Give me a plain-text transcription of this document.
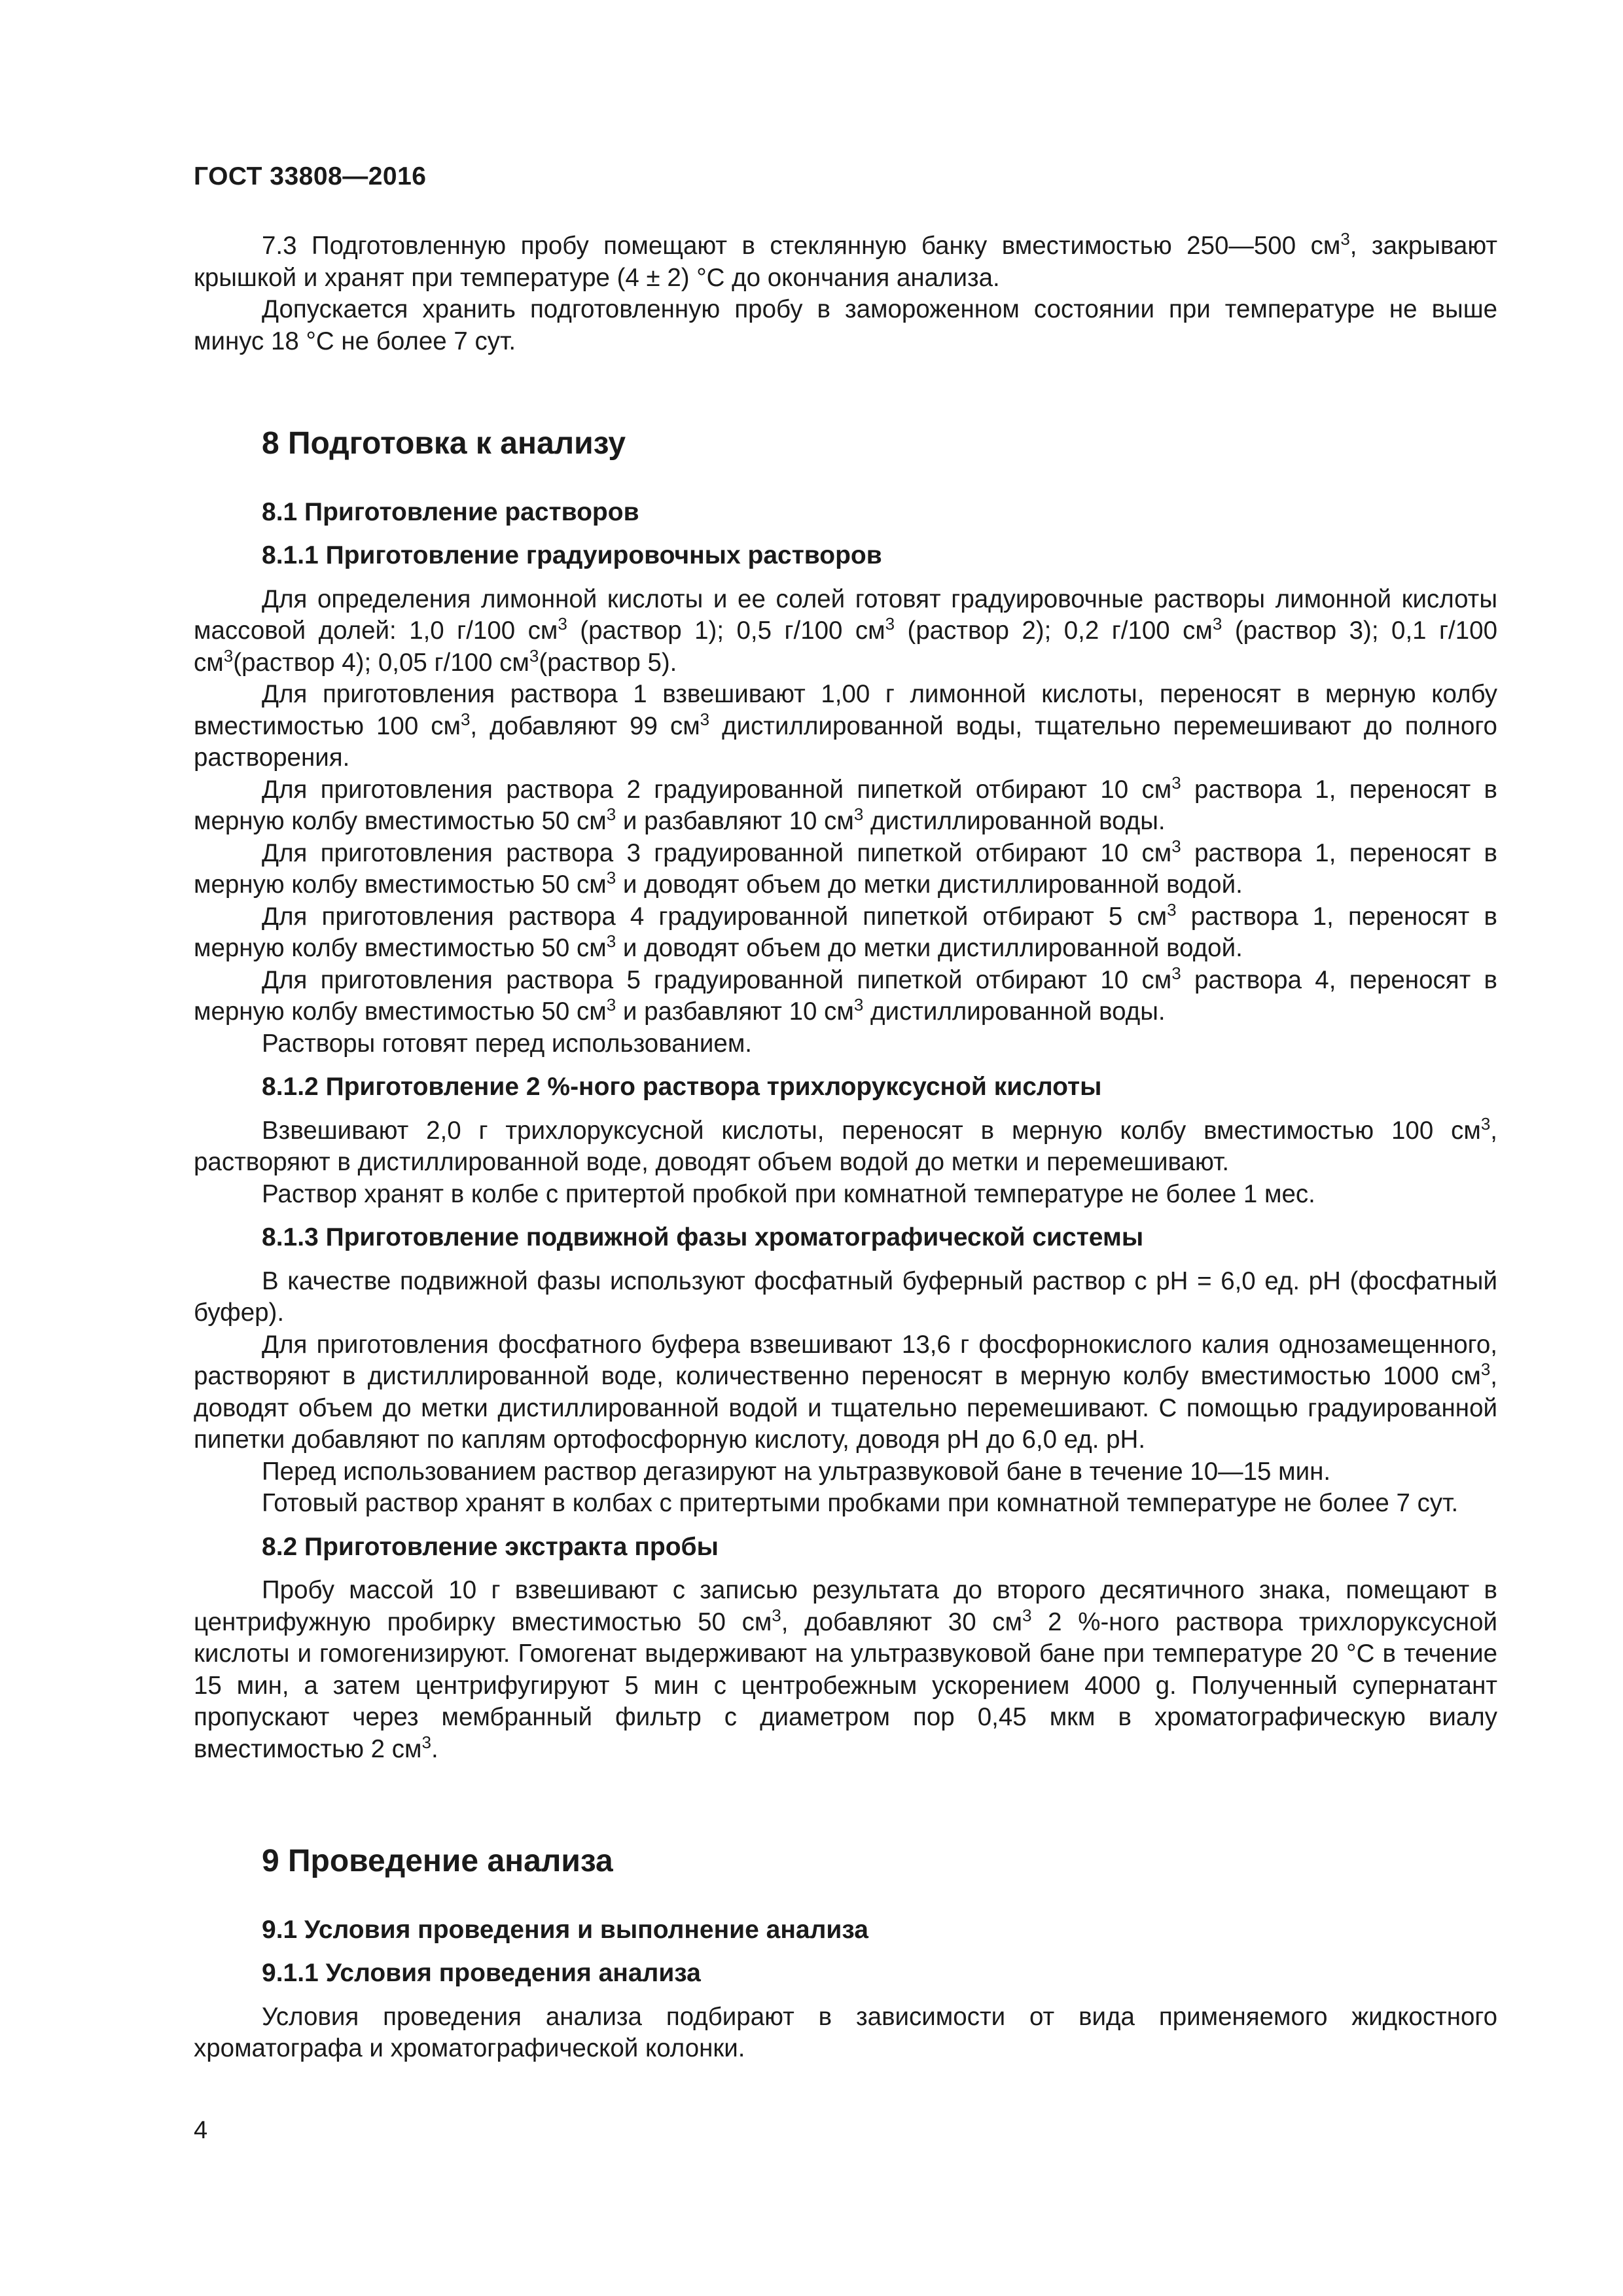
ГОСТ 33808—2016

7.3 Подготовленную пробу помещают в стеклянную банку вместимостью 250—500 $см^3$, закрывают крышкой и хранят при температуре (4 ± 2) °С до окончания анализа.

Допускается хранить подготовленную пробу в замороженном состоянии при температуре не выше минус 18 °С не более 7 сут.

8 Подготовка к анализу

8.1 Приготовление растворов

8.1.1 Приготовление градуировочных растворов

Для определения лимонной кислоты и ее солей готовят градуировочные растворы лимонной кислоты массовой долей: 1,0 г/100 $см^3$ (раствор 1); 0,5 г/100 $см^3$ (раствор 2); 0,2 г/100 $см^3$ (раствор 3); 0,1 г/100 $см^3(раствор$ 4); 0,05 г/100 $см^3(раствор$ 5).

Для приготовления раствора 1 взвешивают 1,00 г лимонной кислоты, переносят в мерную колбу вместимостью 100 $см^3$, добавляют 99 $см^3$ дистиллированной воды, тщательно перемешивают до полного растворения.

Для приготовления раствора 2 градуированной пипеткой отбирают 10 $см^3$ раствора 1, переносят в мерную колбу вместимостью 50 $см^3$ и разбавляют 10 $см^3$ дистиллированной воды.

Для приготовления раствора 3 градуированной пипеткой отбирают 10 $см^3$ раствора 1, переносят в мерную колбу вместимостью 50 $см^3$ и доводят объем до метки дистиллированной водой.

Для приготовления раствора 4 градуированной пипеткой отбирают 5 $см^3$ раствора 1, переносят в мерную колбу вместимостью 50 $см^3$ и доводят объем до метки дистиллированной водой.

Для приготовления раствора 5 градуированной пипеткой отбирают 10 $см^3$ раствора 4, переносят в мерную колбу вместимостью 50 $см^3$ и разбавляют 10 $см^3$ дистиллированной воды.

Растворы готовят перед использованием.

8.1.2 Приготовление 2 %-ного раствора трихлоруксусной кислоты

Взвешивают 2,0 г трихлоруксусной кислоты, переносят в мерную колбу вместимостью 100 $см^3$, растворяют в дистиллированной воде, доводят объем водой до метки и перемешивают.

Раствор хранят в колбе с притертой пробкой при комнатной температуре не более 1 мес.

8.1.3 Приготовление подвижной фазы хроматографической системы

В качестве подвижной фазы используют фосфатный буферный раствор с рН = 6,0 ед. рН (фосфатный буфер).

Для приготовления фосфатного буфера взвешивают 13,6 г фосфорнокислого калия однозамещенного, растворяют в дистиллированной воде, количественно переносят в мерную колбу вместимостью 1000 $см^3$, доводят объем до метки дистиллированной водой и тщательно перемешивают. С помощью градуированной пипетки добавляют по каплям ортофосфорную кислоту, доводя рН до 6,0 ед. рН.

Перед использованием раствор дегазируют на ультразвуковой бане в течение 10—15 мин.

Готовый раствор хранят в колбах с притертыми пробками при комнатной температуре не более 7 сут.

8.2 Приготовление экстракта пробы

Пробу массой 10 г взвешивают с записью результата до второго десятичного знака, помещают в центрифужную пробирку вместимостью 50 $см^3$, добавляют 30 $см^3$ 2 %-ного раствора трихлоруксусной кислоты и гомогенизируют. Гомогенат выдерживают на ультразвуковой бане при температуре 20 °С в течение 15 мин, а затем центрифугируют 5 мин с центробежным ускорением 4000 g. Полученный супернатант пропускают через мембранный фильтр с диаметром пор 0,45 мкм в хроматографическую виалу вместимостью 2 $см^3$.

9 Проведение анализа

9.1 Условия проведения и выполнение анализа

9.1.1 Условия проведения анализа

Условия проведения анализа подбирают в зависимости от вида применяемого жидкостного хроматографа и хроматографической колонки.

4
